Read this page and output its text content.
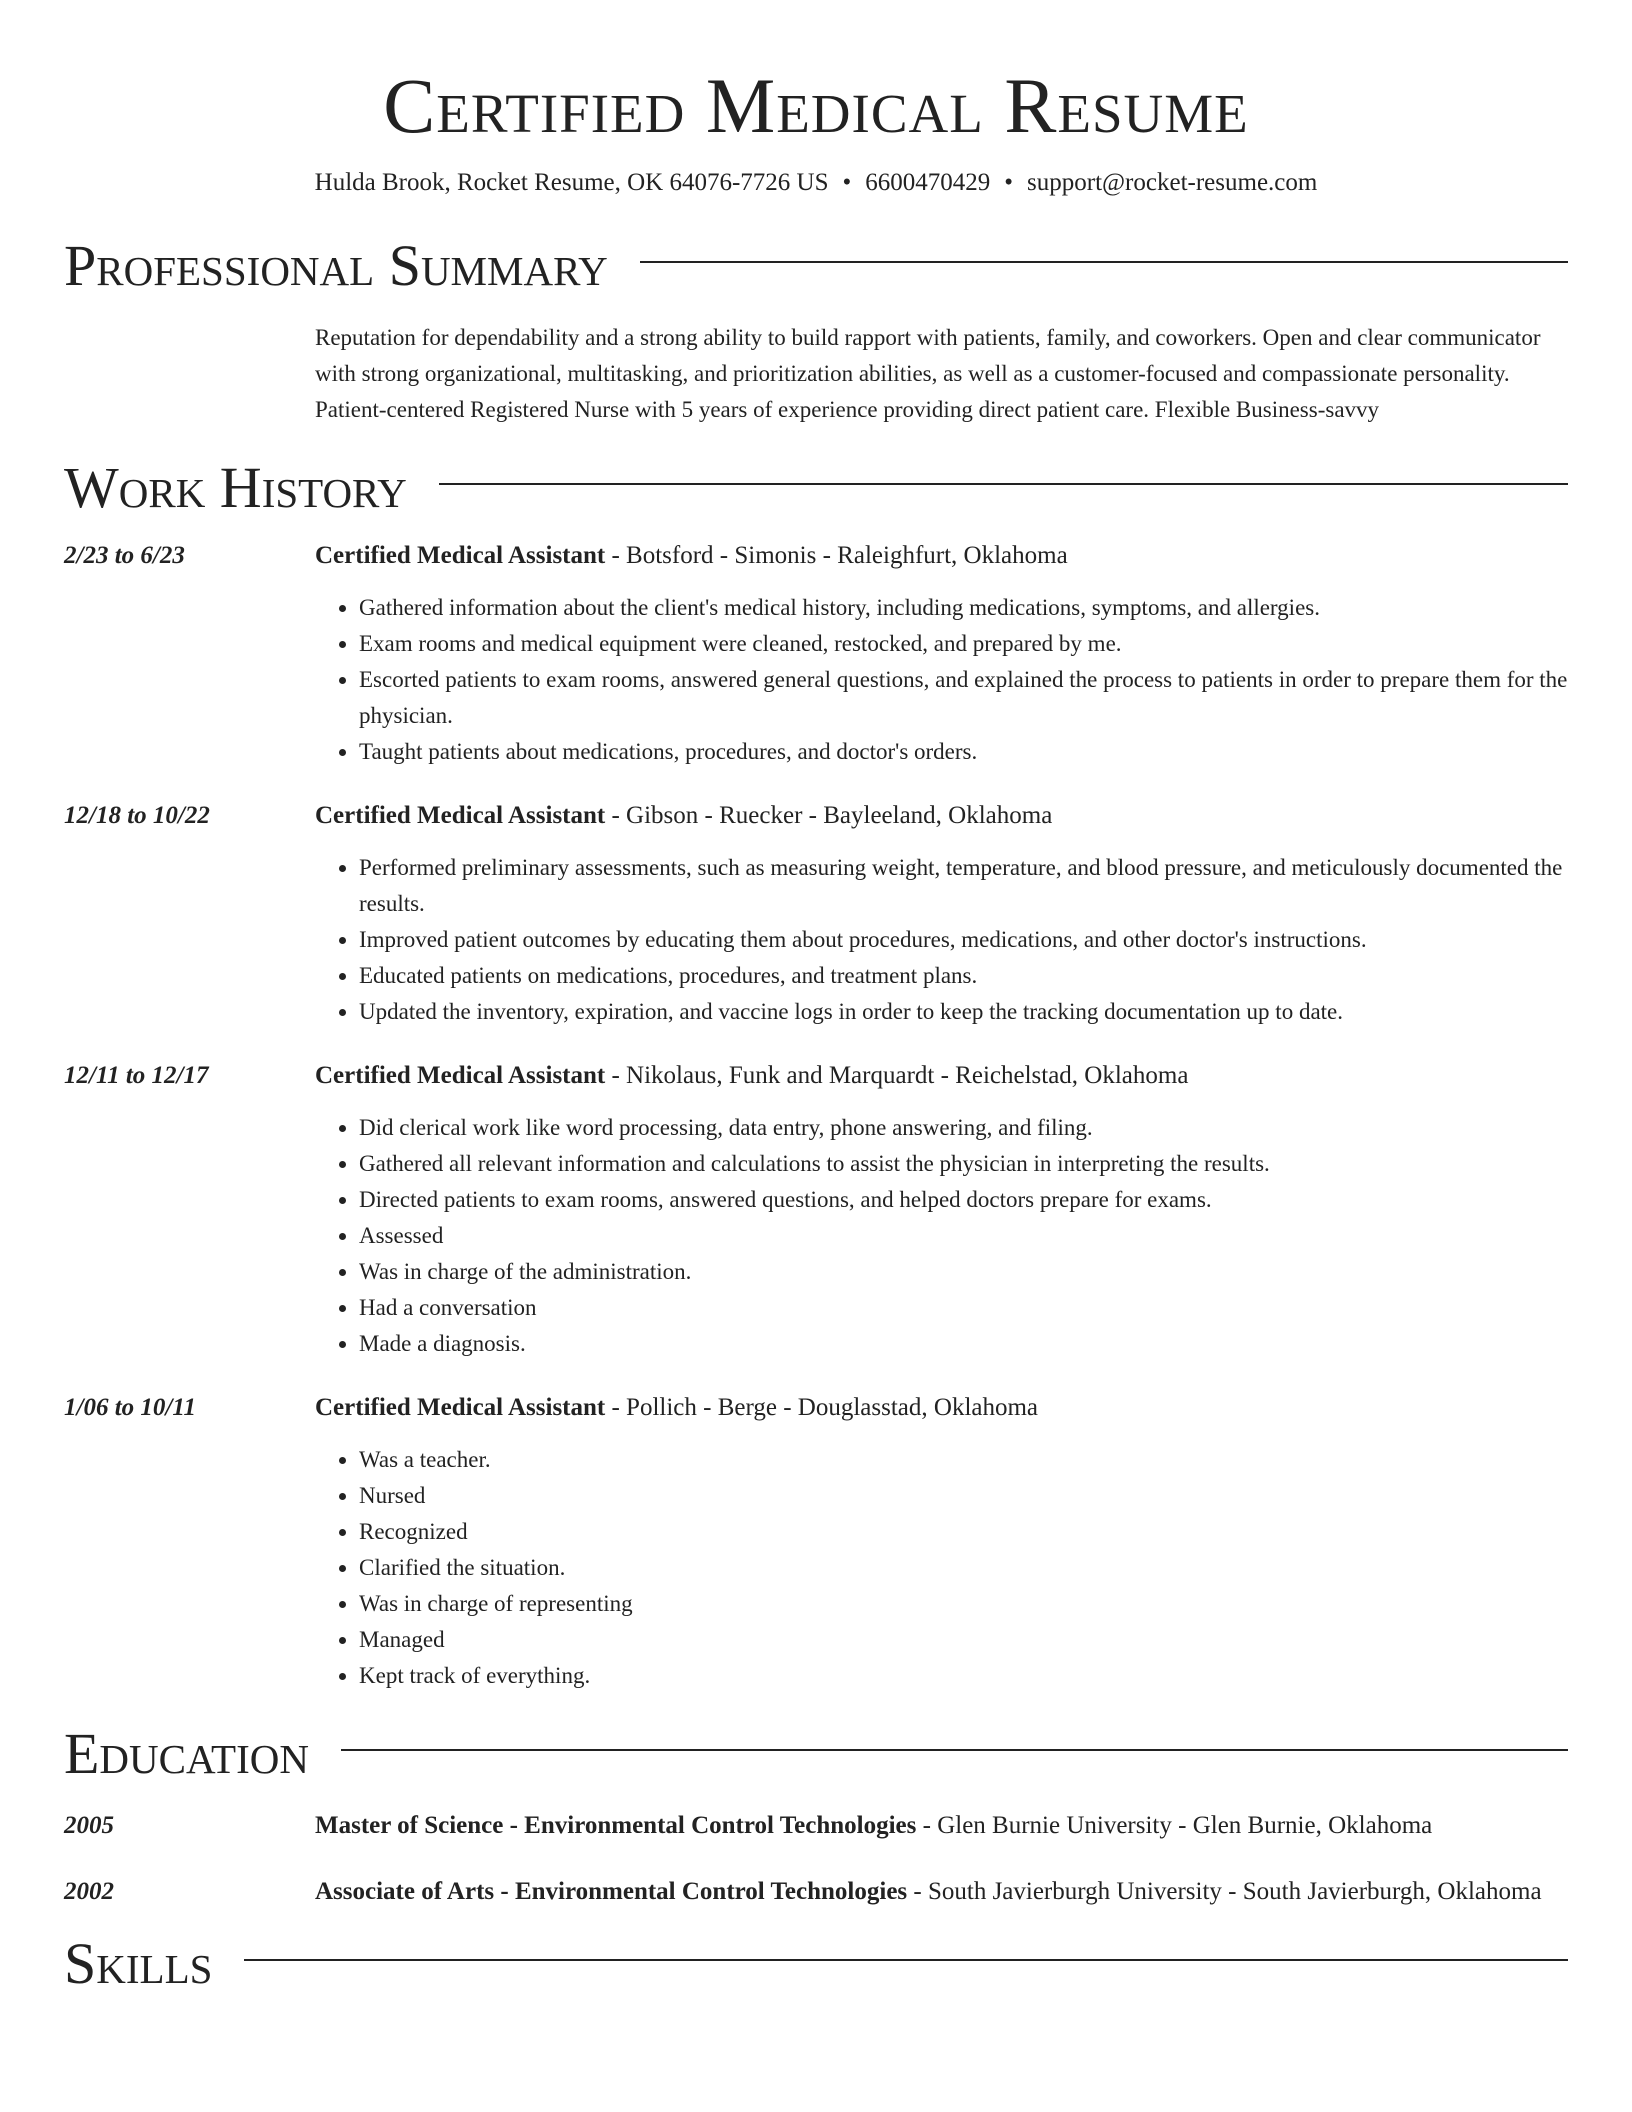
Certified Medical Resume
Hulda Brook, Rocket Resume, OK 64076-7726 US • 6600470429 • support@rocket-resume.com
Professional Summary
Reputation for dependability and a strong ability to build rapport with patients, family, and coworkers. Open and clear communicator with strong organizational, multitasking, and prioritization abilities, as well as a customer-focused and compassionate personality. Patient-centered Registered Nurse with 5 years of experience providing direct patient care. Flexible Business-savvy
Work History
2/23 to 6/23	Certified Medical Assistant - Botsford - Simonis - Raleighfurt, Oklahoma
• Gathered information about the client's medical history, including medications, symptoms, and allergies.
• Exam rooms and medical equipment were cleaned, restocked, and prepared by me.
• Escorted patients to exam rooms, answered general questions, and explained the process to patients in order to prepare them for the physician.
• Taught patients about medications, procedures, and doctor's orders.
12/18 to 10/22	Certified Medical Assistant - Gibson - Ruecker - Bayleeland, Oklahoma
• Performed preliminary assessments, such as measuring weight, temperature, and blood pressure, and meticulously documented the results.
• Improved patient outcomes by educating them about procedures, medications, and other doctor's instructions.
• Educated patients on medications, procedures, and treatment plans.
• Updated the inventory, expiration, and vaccine logs in order to keep the tracking documentation up to date.
12/11 to 12/17	Certified Medical Assistant - Nikolaus, Funk and Marquardt - Reichelstad, Oklahoma
• Did clerical work like word processing, data entry, phone answering, and filing.
• Gathered all relevant information and calculations to assist the physician in interpreting the results.
• Directed patients to exam rooms, answered questions, and helped doctors prepare for exams.
• Assessed
• Was in charge of the administration.
• Had a conversation
• Made a diagnosis.
1/06 to 10/11	Certified Medical Assistant - Pollich - Berge - Douglasstad, Oklahoma
• Was a teacher.
• Nursed
• Recognized
• Clarified the situation.
• Was in charge of representing
• Managed
• Kept track of everything.
Education
2005	Master of Science - Environmental Control Technologies - Glen Burnie University - Glen Burnie, Oklahoma
2002	Associate of Arts - Environmental Control Technologies - South Javierburgh University - South Javierburgh, Oklahoma
Skills
